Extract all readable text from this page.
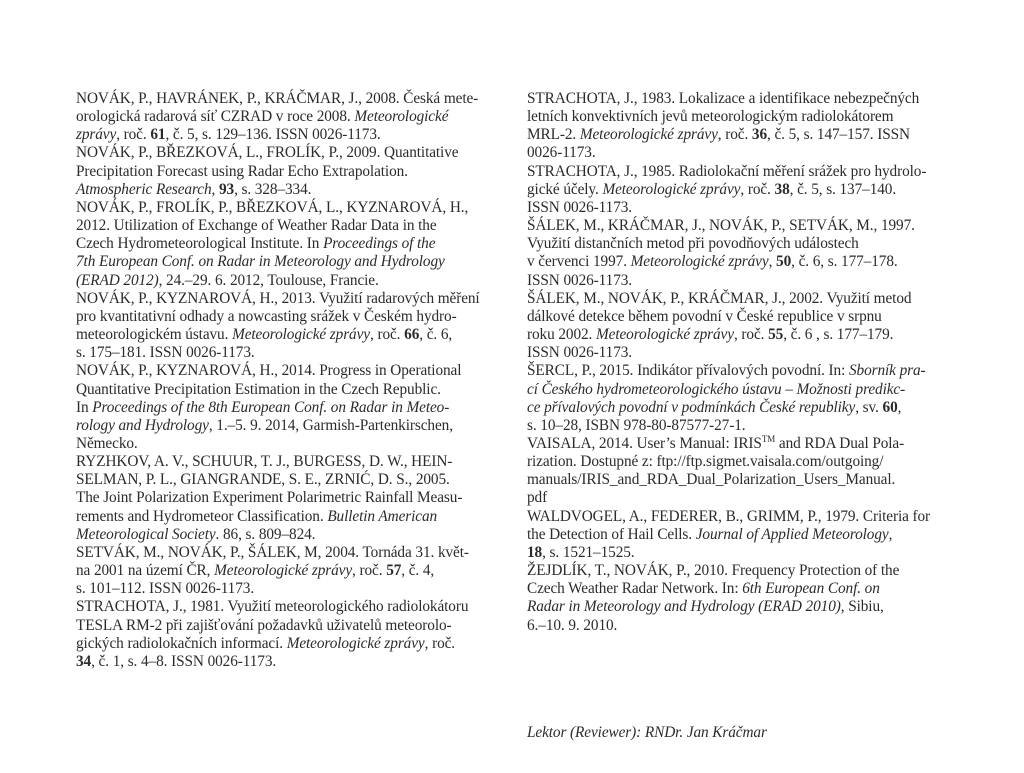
NOVÁK, P., HAVRÁNEK, P., KRÁČMAR, J., 2008. Česká mete-
orologická radarová síť CZRAD v roce 2008. Meteorologické
zprávy, roč. 61, č. 5, s. 129–136. ISSN 0026-1173.

NOVÁK, P., BŘEZKOVÁ, L., FROLÍK, P., 2009. Quantitative
Precipitation Forecast using Radar Echo Extrapolation.
Atmospheric Research, 93, s. 328–334.

NOVÁK, P., FROLÍK, P., BŘEZKOVÁ, L., KYZNAROVÁ, H.,
2012. Utilization of Exchange of Weather Radar Data in the
Czech Hydrometeorological Institute. In Proceedings of the
7th European Conf. on Radar in Meteorology and Hydrology
(ERAD 2012), 24.–29. 6. 2012, Toulouse, Francie.

NOVÁK, P., KYZNAROVÁ, H., 2013. Využití radarových měření
pro kvantitativní odhady a nowcasting srážek v Českém hydro-
meteorologickém ústavu. Meteorologické zprávy, roč. 66, č. 6,
s. 175–181. ISSN 0026-1173.

NOVÁK, P., KYZNAROVÁ, H., 2014. Progress in Operational
Quantitative Precipitation Estimation in the Czech Republic.
In Proceedings of the 8th European Conf. on Radar in Meteo-
rology and Hydrology, 1.–5. 9. 2014, Garmish-Partenkirschen,
Německo.

RYZHKOV, A. V., SCHUUR, T. J., BURGESS, D. W., HEIN-
SELMAN, P. L., GIANGRANDE, S. E., ZRNIĆ, D. S., 2005.
The Joint Polarization Experiment Polarimetric Rainfall Measu-
rements and Hydrometeor Classification. Bulletin American
Meteorological Society. 86, s. 809–824.

SETVÁK, M., NOVÁK, P., ŠÁLEK, M, 2004. Tornáda 31. květ-
na 2001 na území ČR, Meteorologické zprávy, roč. 57, č. 4,
s. 101–112. ISSN 0026-1173.

STRACHOTA, J., 1981. Využití meteorologického radiolokátoru
TESLA RM-2 při zajišťování požadavků uživatelů meteorolo-
gických radiolokačních informací. Meteorologické zprávy, roč.
34, č. 1, s. 4–8. ISSN 0026-1173.

STRACHOTA, J., 1983. Lokalizace a identifikace nebezpečných
letních konvektivních jevů meteorologickým radiolokátorem
MRL-2. Meteorologické zprávy, roč. 36, č. 5, s. 147–157. ISSN
0026-1173.

STRACHOTA, J., 1985. Radiolokační měření srážek pro hydrolo-
gické účely. Meteorologické zprávy, roč. 38, č. 5, s. 137–140.
ISSN 0026-1173.

ŠÁLEK, M., KRÁČMAR, J., NOVÁK, P., SETVÁK, M., 1997.
Využití distančních metod při povodňových událostech
v červenci 1997. Meteorologické zprávy, 50, č. 6, s. 177–178.
ISSN 0026-1173.

ŠÁLEK, M., NOVÁK, P., KRÁČMAR, J., 2002. Využití metod
dálkové detekce během povodní v České republice v srpnu
roku 2002. Meteorologické zprávy, roč. 55, č. 6 , s. 177–179.
ISSN 0026-1173.

ŠERCL, P., 2015. Indikátor přívalových povodní. In: Sborník pra-
cí Českého hydrometeorologického ústavu – Možnosti predikc-
ce přívalových povodní v podmínkách České republiky, sv. 60,
s. 10–28, ISBN 978-80-87577-27-1.

VAISALA, 2014. User’s Manual: IRIS™ and RDA Dual Pola-
rization. Dostupné z: ftp://ftp.sigmet.vaisala.com/outgoing/
manuals/IRIS_and_RDA_Dual_Polarization_Users_Manual.
pdf

WALDVOGEL, A., FEDERER, B., GRIMM, P., 1979. Criteria for
the Detection of Hail Cells. Journal of Applied Meteorology,
18, s. 1521–1525.

ŽEJDLÍK, T., NOVÁK, P., 2010. Frequency Protection of the
Czech Weather Radar Network. In: 6th European Conf. on
Radar in Meteorology and Hydrology (ERAD 2010), Sibiu,
6.–10. 9. 2010.

Lektor (Reviewer): RNDr. Jan Kráčmar
